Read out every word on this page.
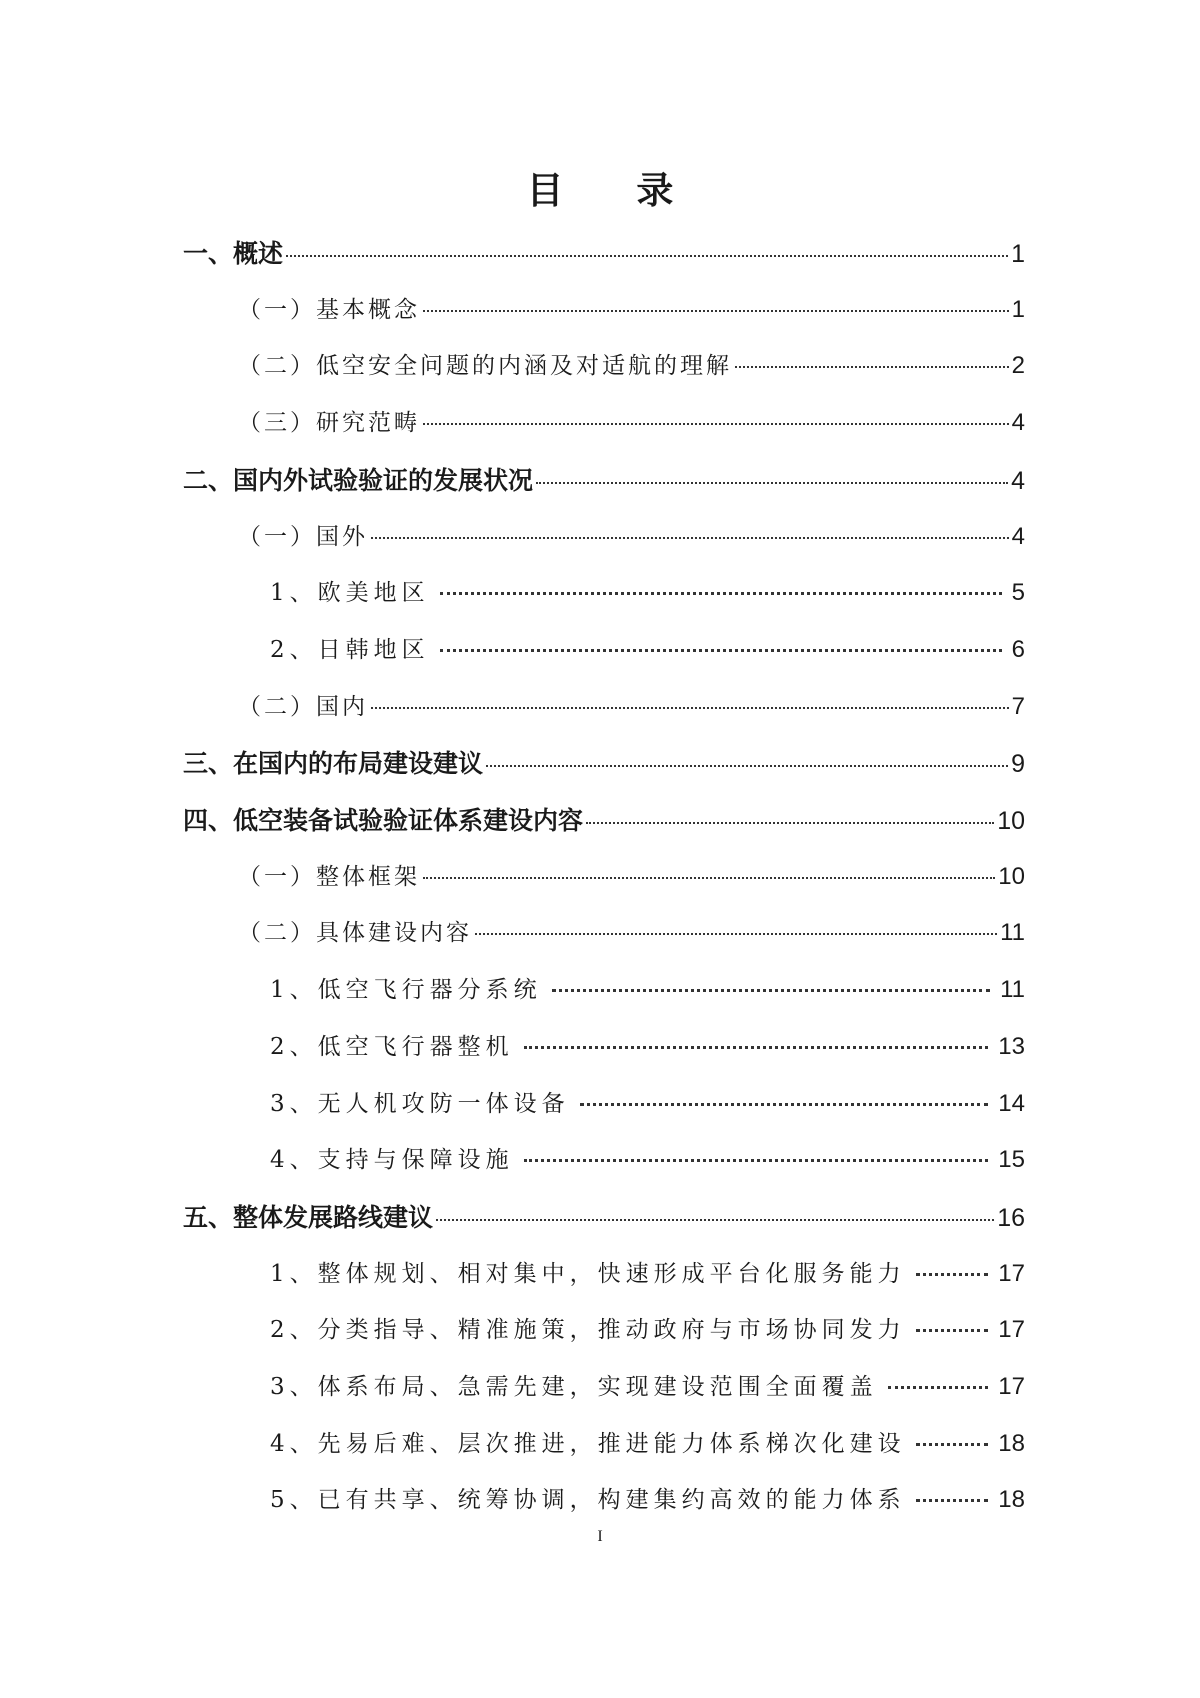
目 录
一、概述	1
（一）基本概念	1
（二）低空安全问题的内涵及对适航的理解	2
（三）研究范畴	4
二、国内外试验验证的发展状况	4
（一）国外	4
1、欧美地区	5
2、日韩地区	6
（二）国内	7
三、在国内的布局建设建议	9
四、低空装备试验验证体系建设内容	10
（一）整体框架	10
（二）具体建设内容	11
1、低空飞行器分系统	11
2、低空飞行器整机	13
3、无人机攻防一体设备	14
4、支持与保障设施	15
五、整体发展路线建议	16
1、整体规划、相对集中，快速形成平台化服务能力	17
2、分类指导、精准施策，推动政府与市场协同发力	17
3、体系布局、急需先建，实现建设范围全面覆盖	17
4、先易后难、层次推进，推进能力体系梯次化建设	18
5、已有共享、统筹协调，构建集约高效的能力体系	18
I
